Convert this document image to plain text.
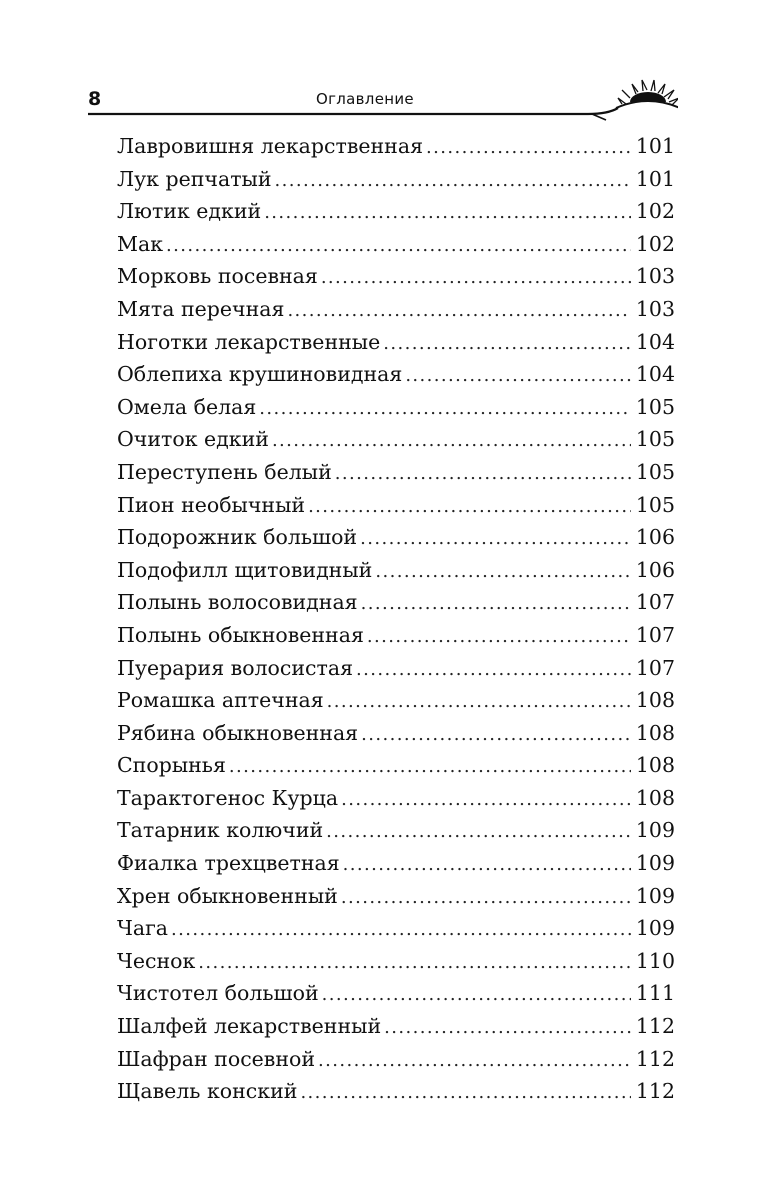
8	Оглавление
Лавровишня лекарственная .....	101
Лук репчатый .....	101
Лютик едкий .....	102
Мак .....	102
Морковь посевная .....	103
Мята перечная .....	103
Ноготки лекарственные .....	104
Облепиха крушиновидная .....	104
Омела белая .....	105
Очиток едкий .....	105
Переступень белый .....	105
Пион необычный .....	105
Подорожник большой .....	106
Подофилл щитовидный .....	106
Полынь волосовидная .....	107
Полынь обыкновенная .....	107
Пуерария волосистая .....	107
Ромашка аптечная .....	108
Рябина обыкновенная .....	108
Спорынья .....	108
Тарактогенос Курца .....	108
Татарник колючий .....	109
Фиалка трехцветная .....	109
Хрен обыкновенный .....	109
Чага .....	109
Чеснок .....	110
Чистотел большой .....	111
Шалфей лекарственный .....	112
Шафран посевной .....	112
Щавель конский .....	112
